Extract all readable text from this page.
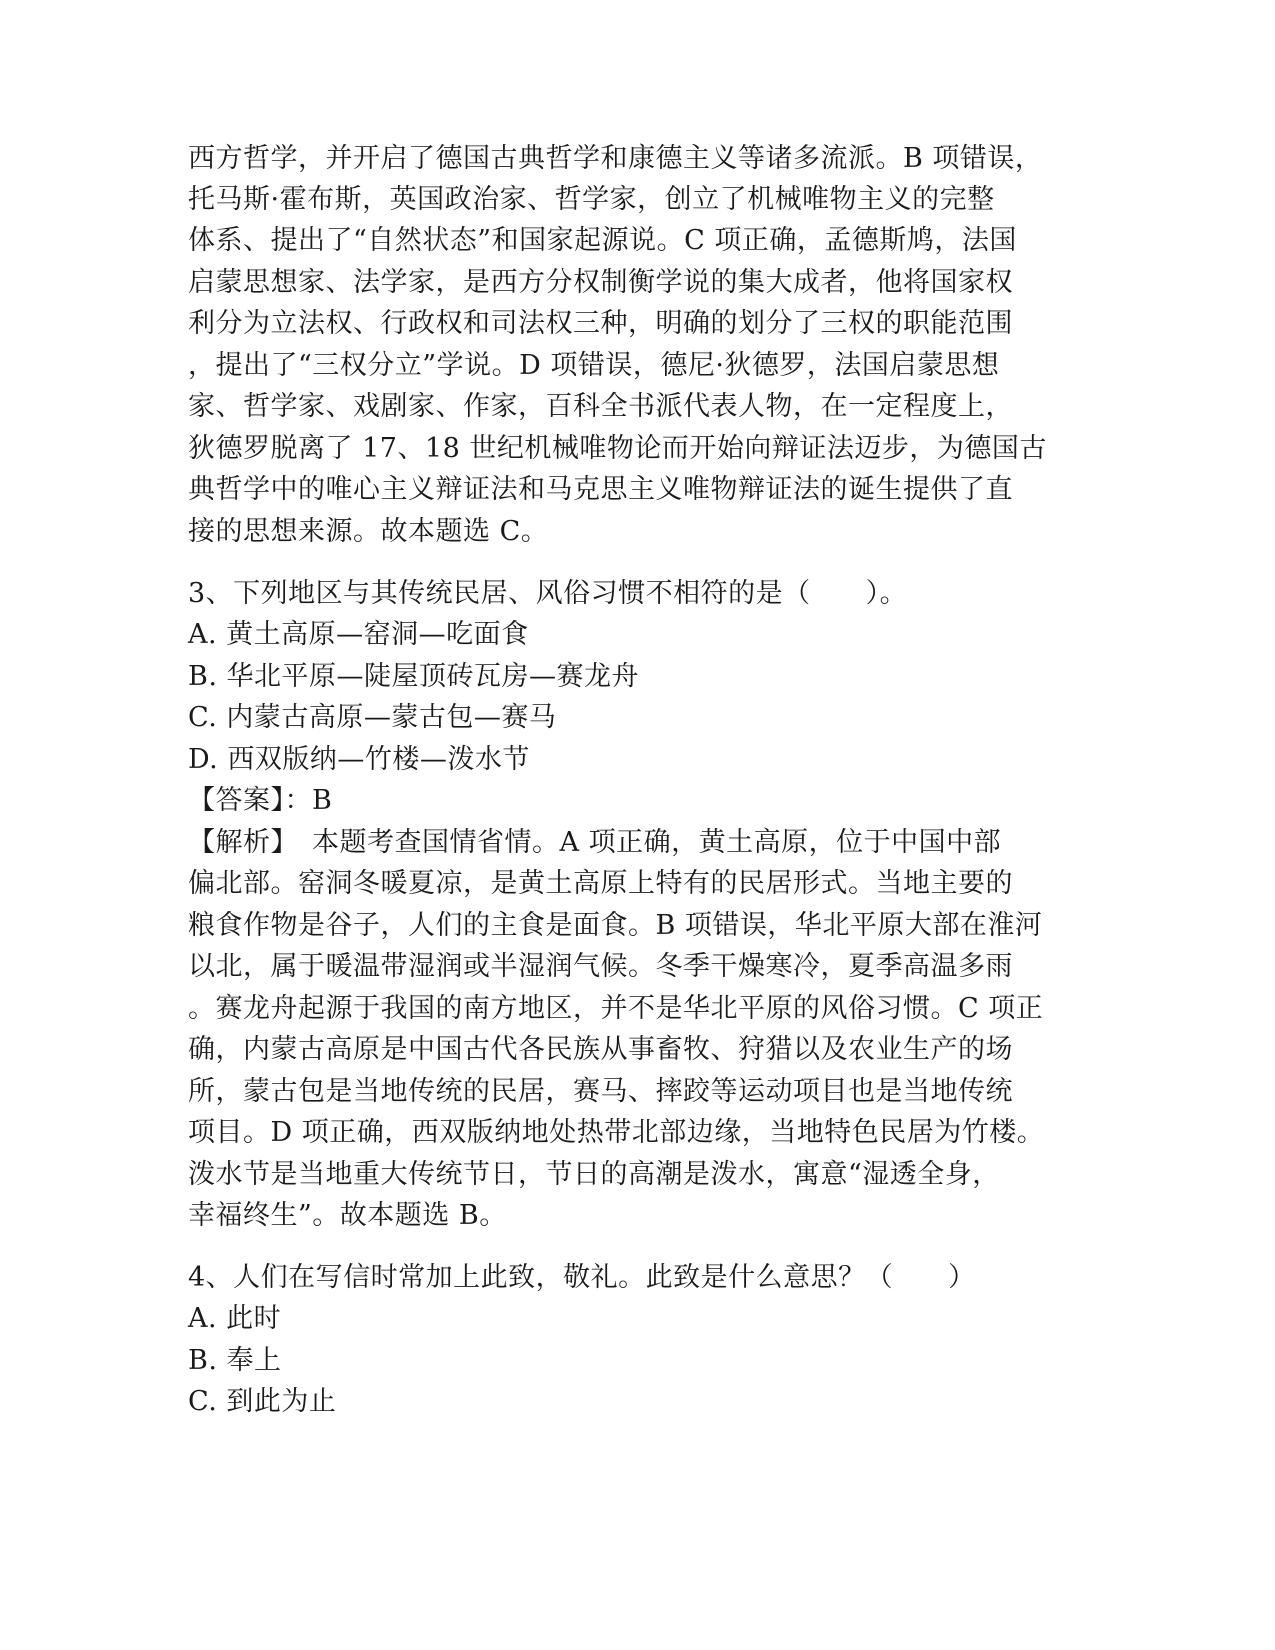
西方哲学，并开启了德国古典哲学和康德主义等诸多流派。B 项错误，
托马斯·霍布斯，英国政治家、哲学家，创立了机械唯物主义的完整
体系、提出了“自然状态”和国家起源说。C 项正确，孟德斯鸠，法国
启蒙思想家、法学家，是西方分权制衡学说的集大成者，他将国家权
利分为立法权、行政权和司法权三种，明确的划分了三权的职能范围
，提出了“三权分立”学说。D 项错误，德尼·狄德罗，法国启蒙思想
家、哲学家、戏剧家、作家，百科全书派代表人物，在一定程度上，
狄德罗脱离了 17、18 世纪机械唯物论而开始向辩证法迈步，为德国古
典哲学中的唯心主义辩证法和马克思主义唯物辩证法的诞生提供了直
接的思想来源。故本题选 C。
3、下列地区与其传统民居、风俗习惯不相符的是（　　）。
A. 黄土高原—窑洞—吃面食
B. 华北平原—陡屋顶砖瓦房—赛龙舟
C. 内蒙古高原—蒙古包—赛马
D. 西双版纳—竹楼—泼水节
【答案】：B
【解析】　本题考查国情省情。A 项正确，黄土高原，位于中国中部
偏北部。窑洞冬暖夏凉，是黄土高原上特有的民居形式。当地主要的
粮食作物是谷子，人们的主食是面食。B 项错误，华北平原大部在淮河
以北，属于暖温带湿润或半湿润气候。冬季干燥寒冷，夏季高温多雨
。赛龙舟起源于我国的南方地区，并不是华北平原的风俗习惯。C 项正
确，内蒙古高原是中国古代各民族从事畜牧、狩猎以及农业生产的场
所，蒙古包是当地传统的民居，赛马、摔跤等运动项目也是当地传统
项目。D 项正确，西双版纳地处热带北部边缘，当地特色民居为竹楼。
泼水节是当地重大传统节日，节日的高潮是泼水，寓意“湿透全身，
幸福终生”。故本题选 B。
4、人们在写信时常加上此致，敬礼。此致是什么意思？（　　）
A. 此时
B. 奉上
C. 到此为止
